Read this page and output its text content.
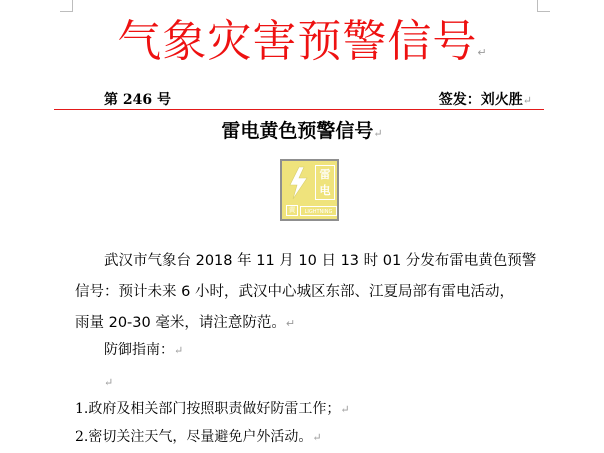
气象灾害预警信号↵
第 246 号	签发：刘火胜↵
雷电黄色预警信号↵
雷
电
黄	LIGHTNING
武汉市气象台 2018 年 11 月 10 日 13 时 01 分发布雷电黄色预警
信号：预计未来 6 小时，武汉中心城区东部、江夏局部有雷电活动，
雨量 20-30 毫米，请注意防范。↵
防御指南：↵
↵
1.政府及相关部门按照职责做好防雷工作；↵
2.密切关注天气，尽量避免户外活动。↵
